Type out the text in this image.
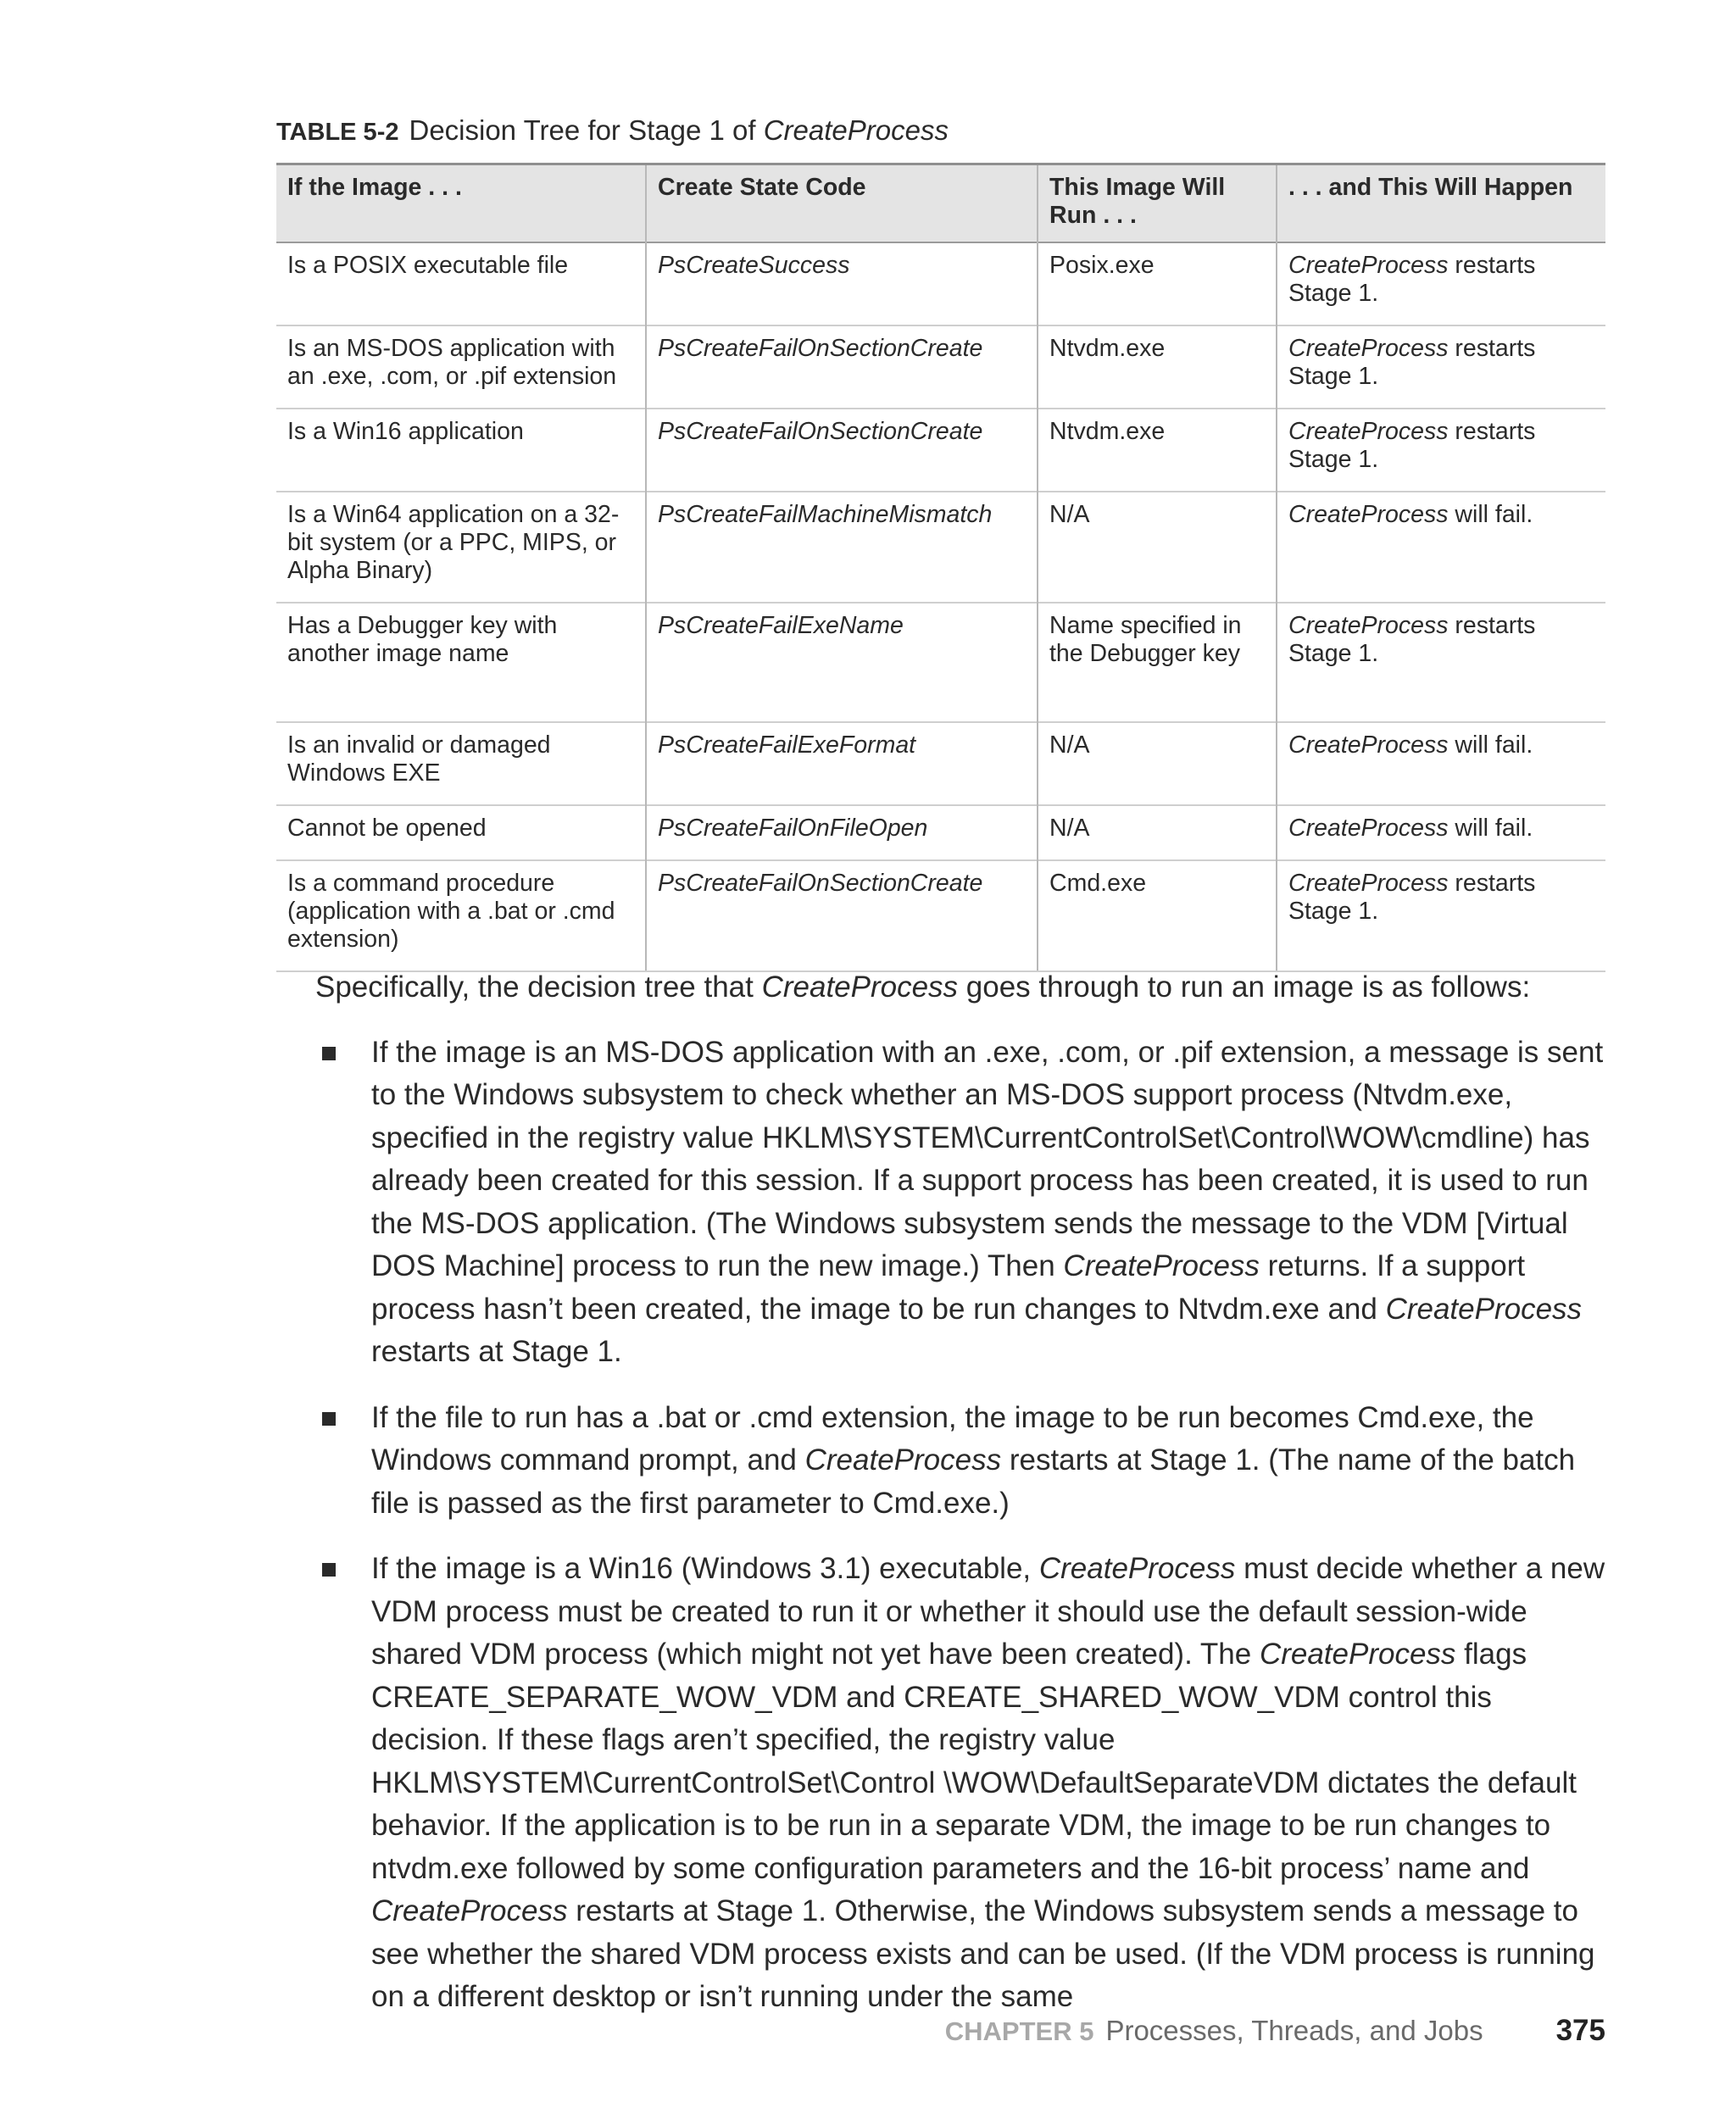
TABLE 5-2 Decision Tree for Stage 1 of CreateProcess
If the Image . . .	Create State Code	This Image Will Run . . .	. . . and This Will Happen
Is a POSIX executable file	PsCreateSuccess	Posix.exe	CreateProcess restarts Stage 1.
Is an MS-DOS application with an .exe, .com, or .pif extension	PsCreateFailOnSectionCreate	Ntvdm.exe	CreateProcess restarts Stage 1.
Is a Win16 application	PsCreateFailOnSectionCreate	Ntvdm.exe	CreateProcess restarts Stage 1.
Is a Win64 application on a 32-bit system (or a PPC, MIPS, or Alpha Binary)	PsCreateFailMachineMismatch	N/A	CreateProcess will fail.
Has a Debugger key with another image name	PsCreateFailExeName	Name specified in the Debugger key	CreateProcess restarts Stage 1.
Is an invalid or damaged Windows EXE	PsCreateFailExeFormat	N/A	CreateProcess will fail.
Cannot be opened	PsCreateFailOnFileOpen	N/A	CreateProcess will fail.
Is a command procedure (application with a .bat or .cmd extension)	PsCreateFailOnSectionCreate	Cmd.exe	CreateProcess restarts Stage 1.

Specifically, the decision tree that CreateProcess goes through to run an image is as follows:

If the image is an MS-DOS application with an .exe, .com, or .pif extension, a message is sent to the Windows subsystem to check whether an MS-DOS support process (Ntvdm.exe, specified in the registry value HKLM\SYSTEM\CurrentControlSet\Control\WOW\cmdline) has already been created for this session. If a support process has been created, it is used to run the MS-DOS application. (The Windows subsystem sends the message to the VDM [Virtual DOS Machine] process to run the new image.) Then CreateProcess returns. If a support process hasn’t been created, the image to be run changes to Ntvdm.exe and CreateProcess restarts at Stage 1.
If the file to run has a .bat or .cmd extension, the image to be run becomes Cmd.exe, the Windows command prompt, and CreateProcess restarts at Stage 1. (The name of the batch file is passed as the first parameter to Cmd.exe.)
If the image is a Win16 (Windows 3.1) executable, CreateProcess must decide whether a new VDM process must be created to run it or whether it should use the default session-wide shared VDM process (which might not yet have been created). The CreateProcess flags CREATE_SEPARATE_WOW_VDM and CREATE_SHARED_WOW_VDM control this decision. If these flags aren’t specified, the registry value HKLM\SYSTEM\CurrentControlSet\Control \WOW\DefaultSeparateVDM dictates the default behavior. If the application is to be run in a separate VDM, the image to be run changes to ntvdm.exe followed by some configuration parameters and the 16-bit process’ name and CreateProcess restarts at Stage 1. Otherwise, the Windows subsystem sends a message to see whether the shared VDM process exists and can be used. (If the VDM process is running on a different desktop or isn’t running under the same
CHAPTER 5 Processes, Threads, and Jobs 375
